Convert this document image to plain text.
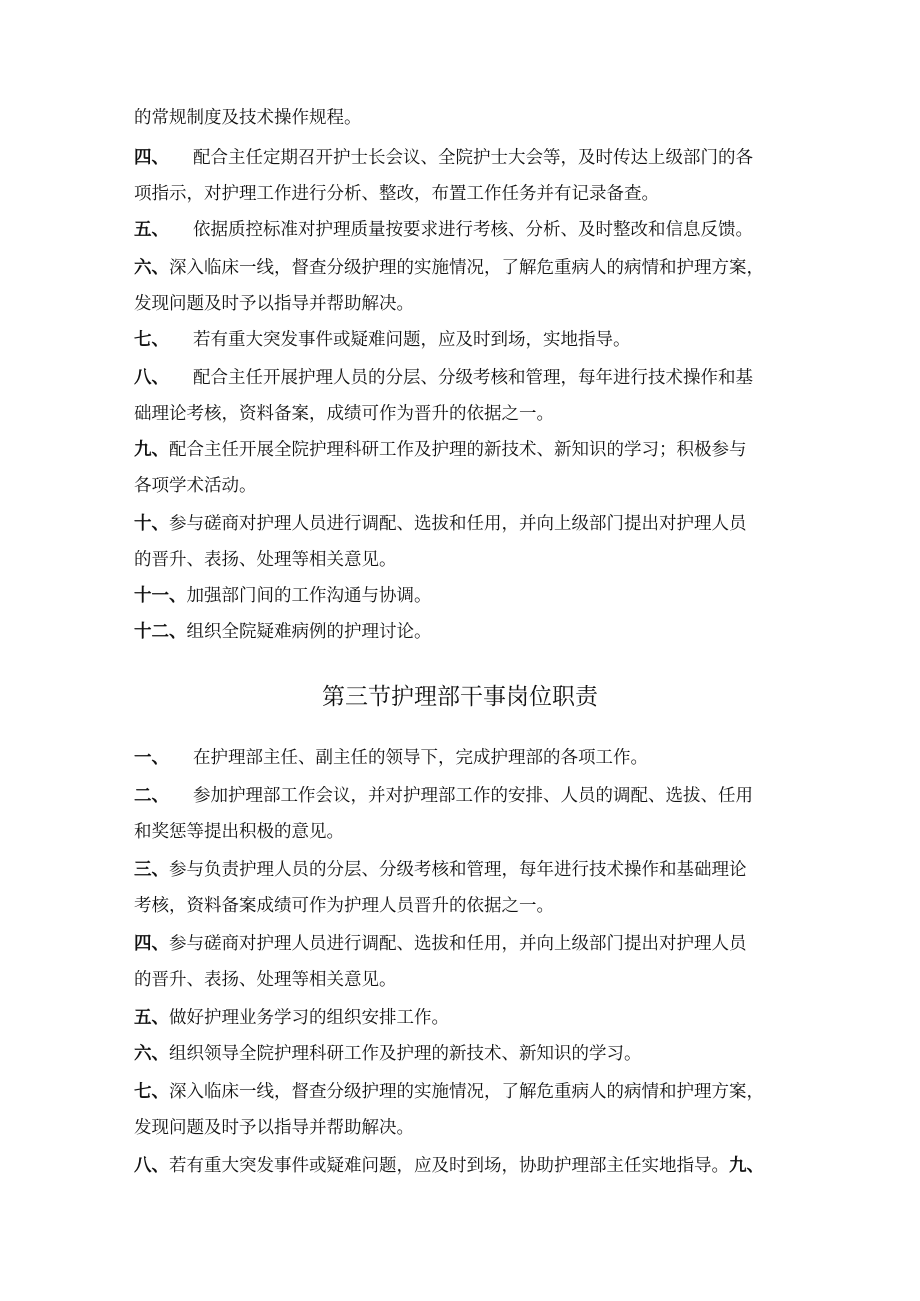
的常规制度及技术操作规程。
四、 配合主任定期召开护士长会议、全院护士大会等，及时传达上级部门的各
项指示，对护理工作进行分析、整改，布置工作任务并有记录备查。
五、 依据质控标准对护理质量按要求进行考核、分析、及时整改和信息反馈。
六、深入临床一线，督查分级护理的实施情况，了解危重病人的病情和护理方案，
发现问题及时予以指导并帮助解决。
七、 若有重大突发事件或疑难问题，应及时到场，实地指导。
八、 配合主任开展护理人员的分层、分级考核和管理，每年进行技术操作和基
础理论考核，资料备案，成绩可作为晋升的依据之一。
九、配合主任开展全院护理科研工作及护理的新技术、新知识的学习；积极参与
各项学术活动。
十、参与磋商对护理人员进行调配、选拔和任用，并向上级部门提出对护理人员
的晋升、表扬、处理等相关意见。
十一、加强部门间的工作沟通与协调。
十二、组织全院疑难病例的护理讨论。
第三节护理部干事岗位职责
一、 在护理部主任、副主任的领导下，完成护理部的各项工作。
二、 参加护理部工作会议，并对护理部工作的安排、人员的调配、选拔、任用
和奖惩等提出积极的意见。
三、参与负责护理人员的分层、分级考核和管理，每年进行技术操作和基础理论
考核，资料备案成绩可作为护理人员晋升的依据之一。
四、参与磋商对护理人员进行调配、选拔和任用，并向上级部门提出对护理人员
的晋升、表扬、处理等相关意见。
五、做好护理业务学习的组织安排工作。
六、组织领导全院护理科研工作及护理的新技术、新知识的学习。
七、深入临床一线，督查分级护理的实施情况，了解危重病人的病情和护理方案，
发现问题及时予以指导并帮助解决。
八、若有重大突发事件或疑难问题，应及时到场，协助护理部主任实地指导。九、
